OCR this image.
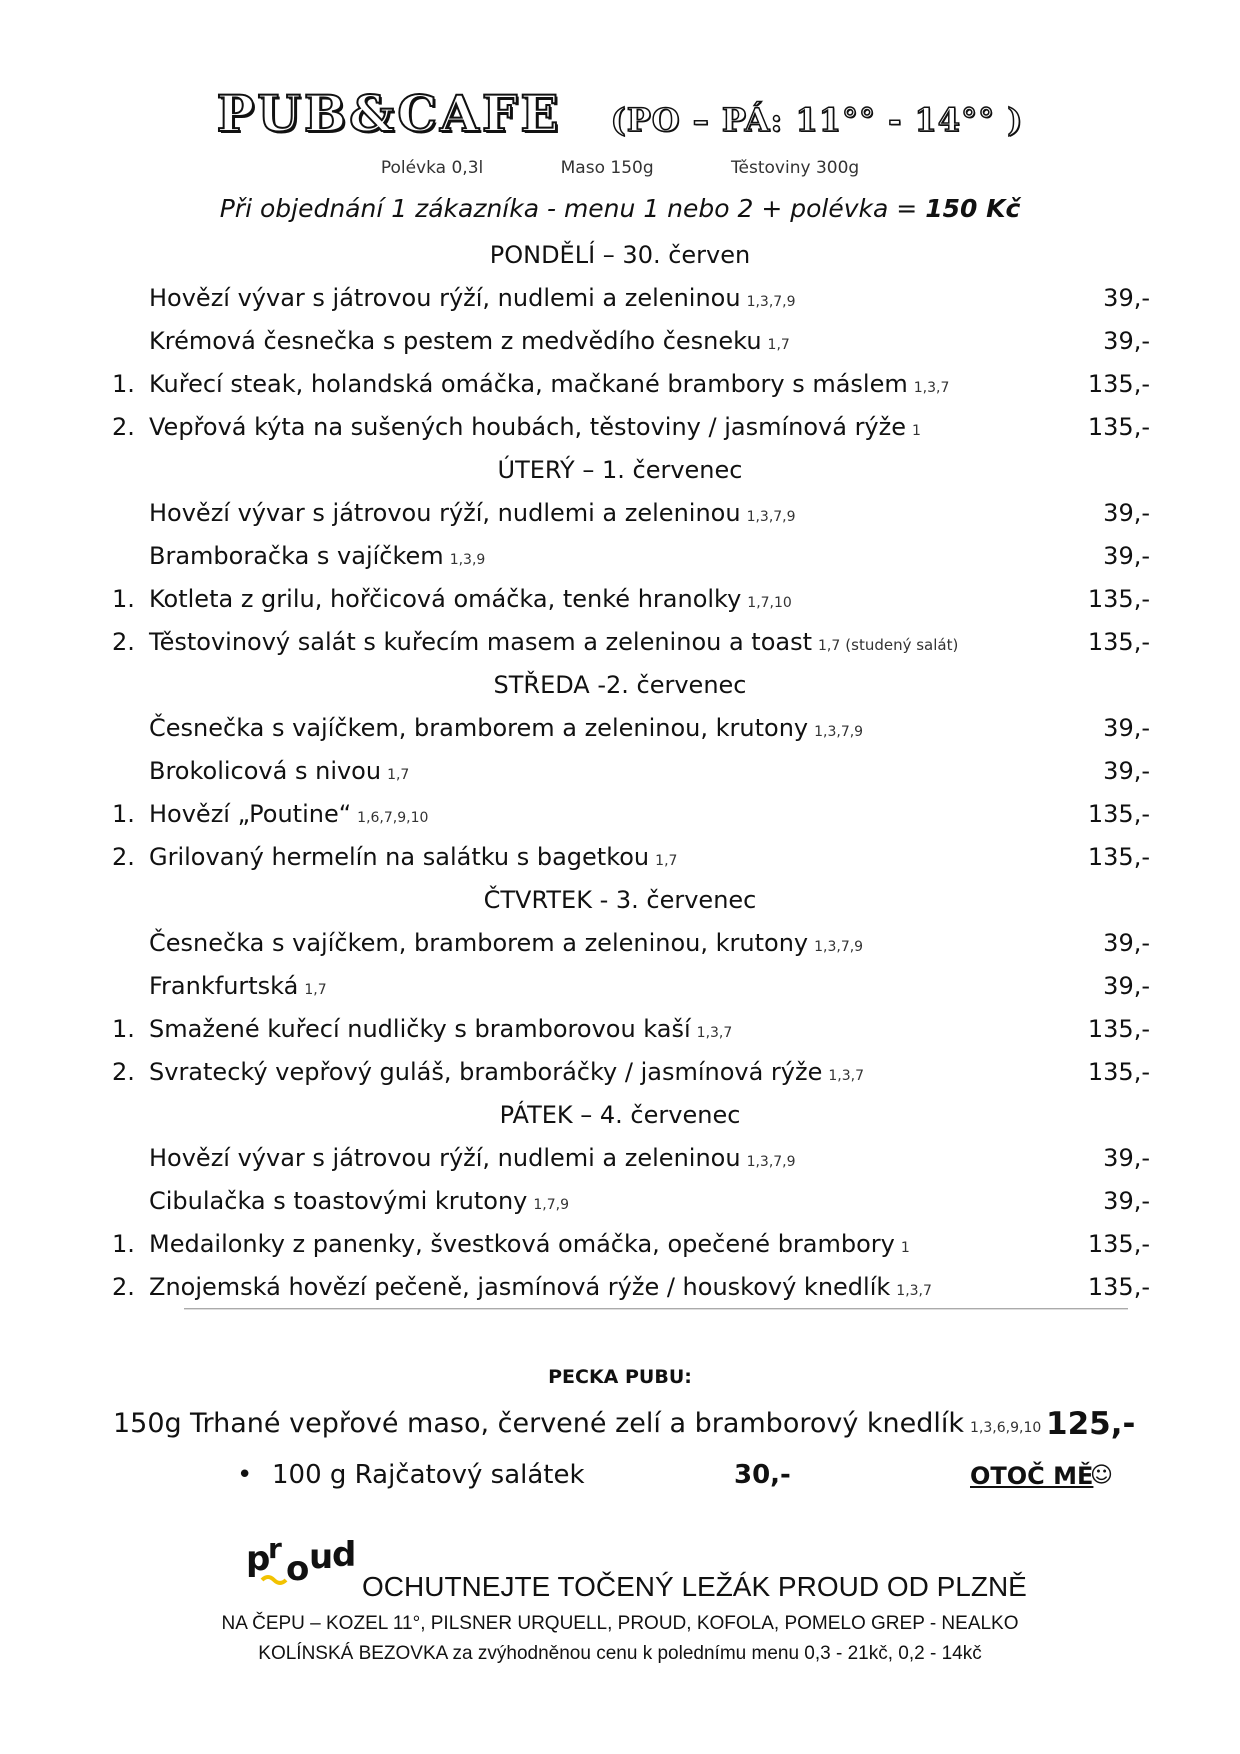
PUB&CAFE (PO – PÁ: 11°° - 14°° )
Polévka 0,3l	Maso 150g	Těstoviny 300g
Při objednání 1 zákazníka - menu 1 nebo 2 + polévka = 150 Kč
PONDĚLÍ – 30. červen
Hovězí vývar s játrovou rýží, nudlemi a zeleninou 1,3,7,9	39,-
Krémová česnečka s pestem z medvědího česneku 1,7	39,-
1. Kuřecí steak, holandská omáčka, mačkané brambory s máslem 1,3,7	135,-
2. Vepřová kýta na sušených houbách, těstoviny / jasmínová rýže 1	135,-
ÚTERÝ – 1. červenec
Hovězí vývar s játrovou rýží, nudlemi a zeleninou 1,3,7,9	39,-
Bramboračka s vajíčkem 1,3,9	39,-
1. Kotleta z grilu, hořčicová omáčka, tenké hranolky 1,7,10	135,-
2. Těstovinový salát s kuřecím masem a zeleninou a toast 1,7 (studený salát)	135,-
STŘEDA -2. červenec
Česnečka s vajíčkem, bramborem a zeleninou, krutony 1,3,7,9	39,-
Brokolicová s nivou 1,7	39,-
1. Hovězí „Poutine“ 1,6,7,9,10	135,-
2. Grilovaný hermelín na salátku s bagetkou 1,7	135,-
ČTVRTEK - 3. červenec
Česnečka s vajíčkem, bramborem a zeleninou, krutony 1,3,7,9	39,-
Frankfurtská 1,7	39,-
1. Smažené kuřecí nudličky s bramborovou kaší 1,3,7	135,-
2. Svratecký vepřový guláš, bramboráčky / jasmínová rýže 1,3,7	135,-
PÁTEK – 4. červenec
Hovězí vývar s játrovou rýží, nudlemi a zeleninou 1,3,7,9	39,-
Cibulačka s toastovými krutony 1,7,9	39,-
1. Medailonky z panenky, švestková omáčka, opečené brambory 1	135,-
2. Znojemská hovězí pečeně, jasmínová rýže / houskový knedlík 1,3,7	135,-
PECKA PUBU:
150g Trhané vepřové maso, červené zelí a bramborový knedlík 1,3,6,9,10 125,-
• 100 g Rajčatový salátek	30,-	OTOČ MĚ
☺
p
r
o u
d
OCHUTNEJTE TOČENÝ LEŽÁK PROUD OD PLZNĚ
NA ČEPU – KOZEL 11°, PILSNER URQUELL, PROUD, KOFOLA, POMELO GREP - NEALKO
KOLÍNSKÁ BEZOVKA za zvýhodněnou cenu k polednímu menu 0,3 - 21kč, 0,2 - 14kč
